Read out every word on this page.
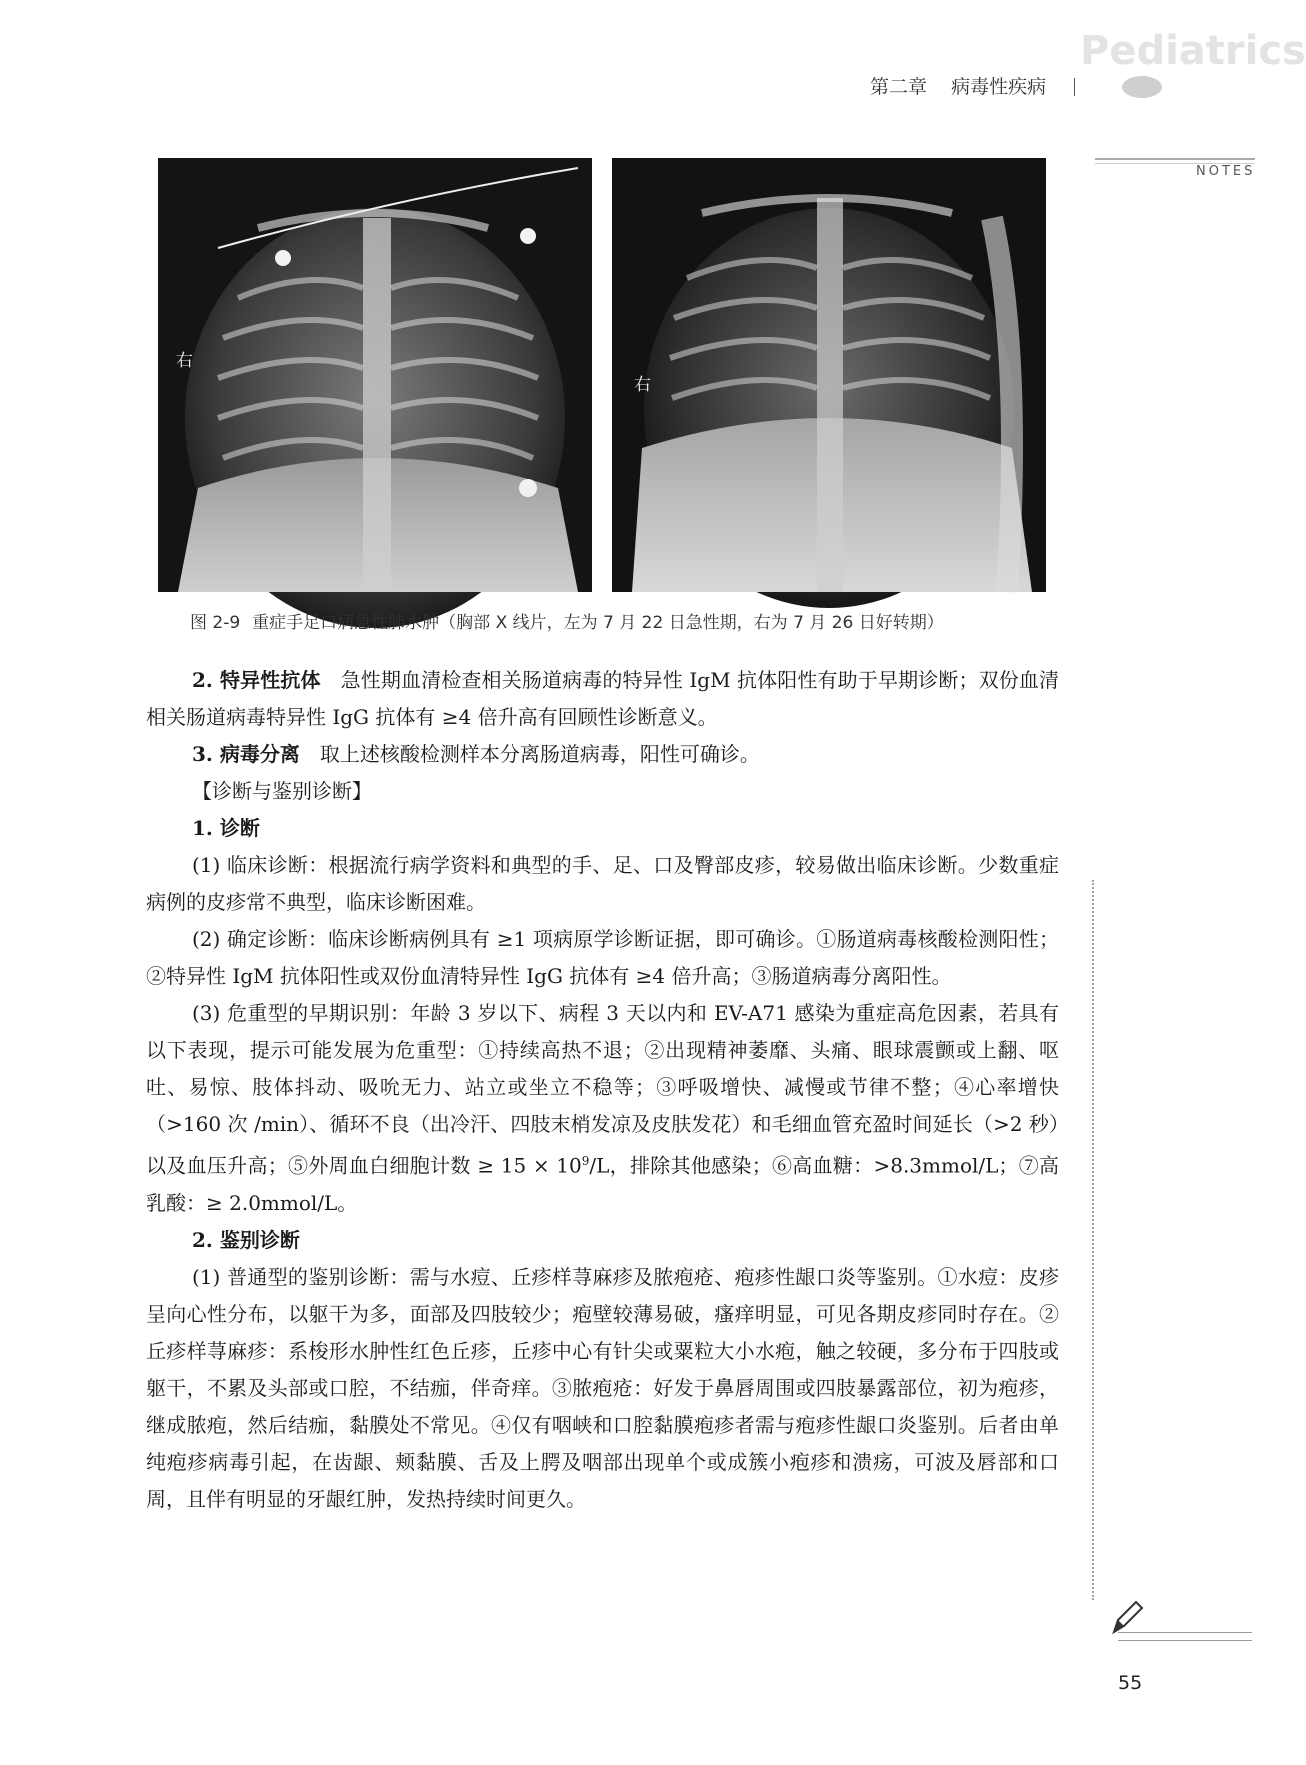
Pediatrics
第二章 病毒性疾病
NOTES
右
右
图 2-9 重症手足口病急性肺水肿（胸部 X 线片，左为 7 月 22 日急性期，右为 7 月 26 日好转期）

2. 特异性抗体 急性期血清检查相关肠道病毒的特异性 IgM 抗体阳性有助于早期诊断；双份血清相关肠道病毒特异性 IgG 抗体有 ≥4 倍升高有回顾性诊断意义。

3. 病毒分离 取上述核酸检测样本分离肠道病毒，阳性可确诊。

【诊断与鉴别诊断】

1. 诊断

(1) 临床诊断：根据流行病学资料和典型的手、足、口及臀部皮疹，较易做出临床诊断。少数重症病例的皮疹常不典型，临床诊断困难。

(2) 确定诊断：临床诊断病例具有 ≥1 项病原学诊断证据，即可确诊。①肠道病毒核酸检测阳性；②特异性 IgM 抗体阳性或双份血清特异性 IgG 抗体有 ≥4 倍升高；③肠道病毒分离阳性。

(3) 危重型的早期识别：年龄 3 岁以下、病程 3 天以内和 EV-A71 感染为重症高危因素，若具有以下表现，提示可能发展为危重型：①持续高热不退；②出现精神萎靡、头痛、眼球震颤或上翻、呕吐、易惊、肢体抖动、吸吮无力、站立或坐立不稳等；③呼吸增快、减慢或节律不整；④心率增快（>160 次 /min）、循环不良（出冷汗、四肢末梢发凉及皮肤发花）和毛细血管充盈时间延长（>2 秒）以及血压升高；⑤外周血白细胞计数 ≥ $15 \times 10^9/L$，排除其他感染；⑥高血糖：>8.3mmol/L；⑦高乳酸：≥ 2.0mmol/L。

2. 鉴别诊断

(1) 普通型的鉴别诊断：需与水痘、丘疹样荨麻疹及脓疱疮、疱疹性龈口炎等鉴别。①水痘：皮疹呈向心性分布，以躯干为多，面部及四肢较少；疱壁较薄易破，瘙痒明显，可见各期皮疹同时存在。②丘疹样荨麻疹：系梭形水肿性红色丘疹，丘疹中心有针尖或粟粒大小水疱，触之较硬，多分布于四肢或躯干，不累及头部或口腔，不结痂，伴奇痒。③脓疱疮：好发于鼻唇周围或四肢暴露部位，初为疱疹，继成脓疱，然后结痂，黏膜处不常见。④仅有咽峡和口腔黏膜疱疹者需与疱疹性龈口炎鉴别。后者由单纯疱疹病毒引起，在齿龈、颊黏膜、舌及上腭及咽部出现单个或成簇小疱疹和溃疡，可波及唇部和口周，且伴有明显的牙龈红肿，发热持续时间更久。

55
